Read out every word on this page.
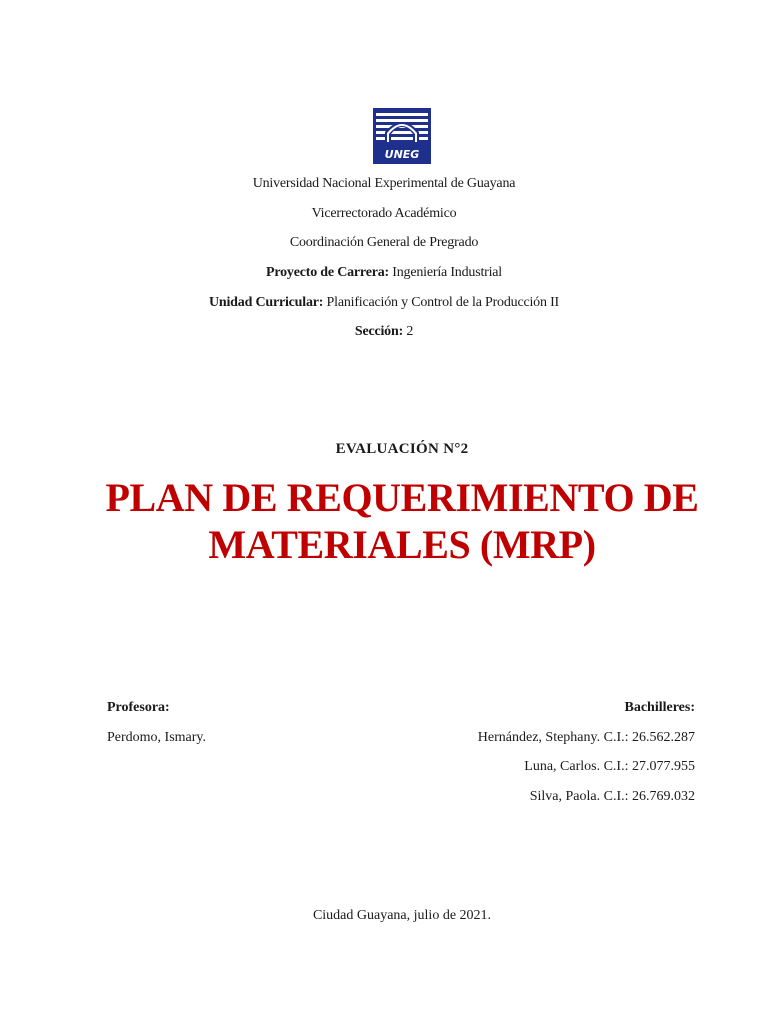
UNEG
Universidad Nacional Experimental de Guayana
Vicerrectorado Académico
Coordinación General de Pregrado
Proyecto de Carrera: Ingeniería Industrial
Unidad Curricular: Planificación y Control de la Producción II
Sección: 2
EVALUACIÓN N°2
PLAN DE REQUERIMIENTO DE
MATERIALES (MRP)
Profesora:
Perdomo, Ismary.
Bachilleres:
Hernández, Stephany. C.I.: 26.562.287
Luna, Carlos. C.I.: 27.077.955
Silva, Paola. C.I.: 26.769.032
Ciudad Guayana, julio de 2021.
